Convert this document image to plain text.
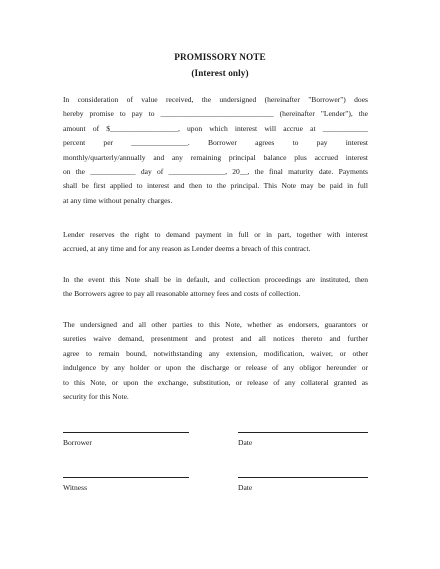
PROMISSORY NOTE
(Interest only)
In consideration of value received, the undersigned (hereinafter "Borrower") does
hereby promise to pay to ______________________________ (hereinafter "Lender"), the
amount of $__________________, upon which interest will accrue at ____________
percent per _______________. Borrower agrees to pay interest
monthly/quarterly/annually and any remaining principal balance plus accrued interest
on the ____________ day of _______________, 20__, the final maturity date. Payments
shall be first applied to interest and then to the principal. This Note may be paid in full
at any time without penalty charges.
Lender reserves the right to demand payment in full or in part, together with interest
accrued, at any time and for any reason as Lender deems a breach of this contract.
In the event this Note shall be in default, and collection proceedings are instituted, then
the Borrowers agree to pay all reasonable attorney fees and costs of collection.
The undersigned and all other parties to this Note, whether as endorsers, guarantors or
sureties waive demand, presentment and protest and all notices thereto and further
agree to remain bound, notwithstanding any extension, modification, waiver, or other
indulgence by any holder or upon the discharge or release of any obligor hereunder or
to this Note, or upon the exchange, substitution, or release of any collateral granted as
security for this Note.
Borrower	Date
Witness	Date
